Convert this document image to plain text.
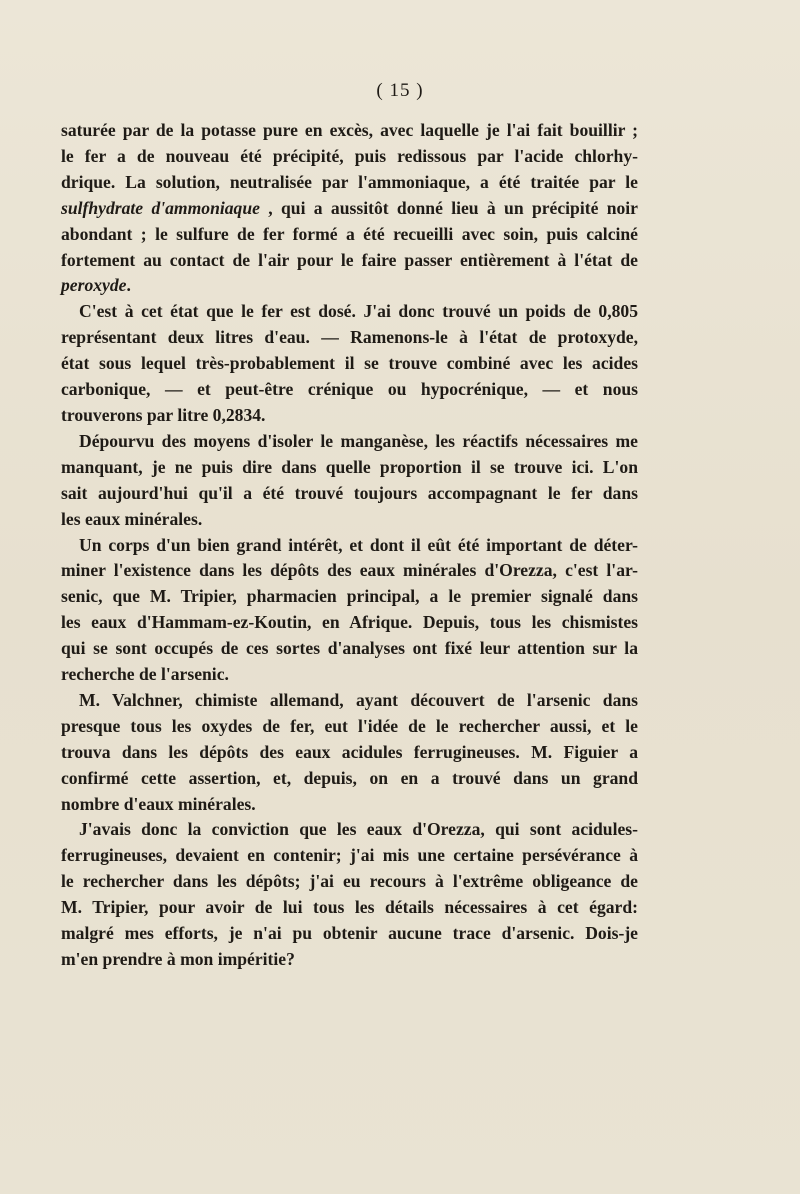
( 15 )
saturée par de la potasse pure en excès, avec laquelle je l'ai fait bouillir ;
le fer a de nouveau été précipité, puis redissous par l'acide chlorhy-
drique. La solution, neutralisée par l'ammoniaque, a été traitée par le
sulfhydrate d'ammoniaque , qui a aussitôt donné lieu à un précipité noir
abondant ; le sulfure de fer formé a été recueilli avec soin, puis calciné
fortement au contact de l'air pour le faire passer entièrement à l'état de
peroxyde.
C'est à cet état que le fer est dosé. J'ai donc trouvé un poids de 0,805
représentant deux litres d'eau. — Ramenons-le à l'état de protoxyde,
état sous lequel très-probablement il se trouve combiné avec les acides
carbonique, — et peut-être crénique ou hypocrénique, — et nous
trouverons par litre 0,2834.
Dépourvu des moyens d'isoler le manganèse, les réactifs nécessaires me
manquant, je ne puis dire dans quelle proportion il se trouve ici. L'on
sait aujourd'hui qu'il a été trouvé toujours accompagnant le fer dans
les eaux minérales.
Un corps d'un bien grand intérêt, et dont il eût été important de déter-
miner l'existence dans les dépôts des eaux minérales d'Orezza, c'est l'ar-
senic, que M. Tripier, pharmacien principal, a le premier signalé dans
les eaux d'Hammam-ez-Koutin, en Afrique. Depuis, tous les chismistes
qui se sont occupés de ces sortes d'analyses ont fixé leur attention sur la
recherche de l'arsenic.
M. Valchner, chimiste allemand, ayant découvert de l'arsenic dans
presque tous les oxydes de fer, eut l'idée de le rechercher aussi, et le
trouva dans les dépôts des eaux acidules ferrugineuses. M. Figuier a
confirmé cette assertion, et, depuis, on en a trouvé dans un grand
nombre d'eaux minérales.
J'avais donc la conviction que les eaux d'Orezza, qui sont acidules-
ferrugineuses, devaient en contenir; j'ai mis une certaine persévérance à
le rechercher dans les dépôts; j'ai eu recours à l'extrême obligeance de
M. Tripier, pour avoir de lui tous les détails nécessaires à cet égard:
malgré mes efforts, je n'ai pu obtenir aucune trace d'arsenic. Dois-je
m'en prendre à mon impéritie?
